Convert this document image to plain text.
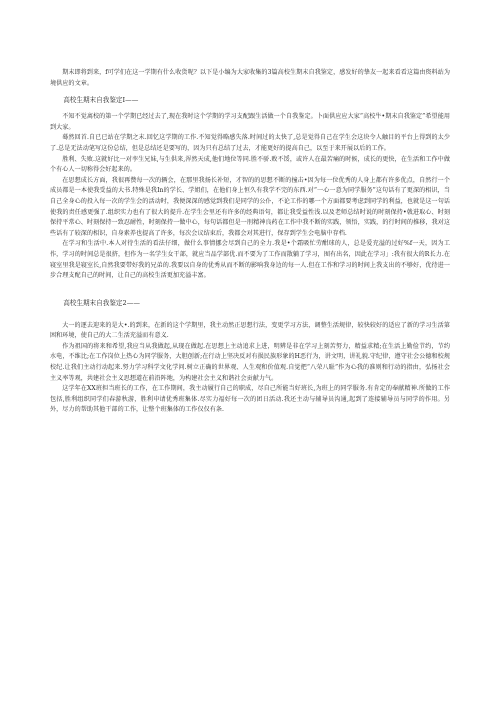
期末即将到来，f可学们在这一学期有什么收货呢？以下是小编为大家收集的3篇高校生期末自我鉴定，感发好的挚友一起来看看这篇由资料站为境供应的文章。

高校生期末自我鉴定I——

不知不觉离校的第一个学期已经过去了,现在我时这个学期的学习支配跟生活做一个自我鉴定。卜面供应应大家“高校牛•期末自我鉴定”希望能用到大家。

蓦然回首.自已已站在学期之末.回忆这学期的工作.不知觉得略感失落.时间过的太快了,总是觉得自己在学生会这块令人触目的平台上得到的太少了.总是无法动笔写这份总结，但是总结还是要写的，因为只有总结了过去，才能更好的提高自己，以至于来开展以后的工作。

胜利、失败.这就好比一对孪生兄妹,与生供来,浑然天成,他们地位等同.胜不骄.败不馁，或许人在最苦痛的时候，成长的更快，在生活和工作中做个有心人一切称得会好起来的。

在思想成长方面，我很再赞每一次的辆会，在那里我扬长补短，才智的的思想不断的撞击•因为每一位优秀的人身上都有许多优点，自然行一个成员都是一本使我受益的大书.特殊是我In的学长、学姐们，在他们身上恒久有我学不完的东西.对“一心一意为同学服务”这句话有了更深的相识，当自己全身心的投入每一次的学生会的活动时，我便深深的感觉到我们是同学的公仆，不论工作的哪一个方面都要考虑到同学的利益，也就是这一句话使我的责任感更强了.组织实力也有了很大的提升.在学生会里还有许多的经典语句，都让我受益性浅.以及老师总结时说的时刻保持•戟进取心、时刻保持平常心、时刻保持一致忍耐性，时刻保持一做中心，每句话都但是一刖精神良药在工作中我不断的实践，领悟，实践，的行时间的推移，我对这些话有了较深的相识，自身素养也提高了许多，每次会议结束后，我都会对其进行，保存到学生会电脑中存档.

在学习和生活中.本人对待生活的看法仔细，做什么事情挪会尽到自己的全力.我是•个霜吸忙劳酣球的人，总是爱充溢的过好%f一天，因为工作，学习的时间总是很挤，但作为一名学生女干部，就应当品学部优.而不要为了工作而散躺了学习，囿有出名，因此在学习」:我有很大的R长力.在寝室里我是寝室长,自然我要带好我的兄弟的.我要以自身的优秀从而不断的影响我身边的每一人.但在工作和学习的时间上我支出的不够好，优待进一步合理支配自己的时间，让自己的高校生活更加充溢丰富。

高校生期末自我鉴定2——

大一的逐去迎来的是大•.的到来，在新的这个学期里，我主动然正思想行法，变更学习方法，调整生活规律，较快较好的适应了新的学习生活第困和环境，使自己的大二生活充溢而有意义.

作为祖国的将来和希望,我应当从我做起,从现在做起.在思想上主动追求上进，明辨是非在学习上刻苦努力，精益求精;在生活上勤俭节约，节约水电，不维比;在工作岗位上热心为同学服务，大胆创新;在行动上坚决反对有损民族形象的H恶行为，讲文明，讲礼貌.守纪律，遵守社会公德和校规校纪.让我们主动行动起来.努力学习科学文化学问.树立正确的世界观、人生观和价值观.自觉把“八荣八耻”作为心我的准则和行动的指由，弘扬社会主义率等观，共建社会主义思想道在前沿阵地，为构建社会主义和谐社会贡献力气。

这学年在XX班担当班长的工作，在工作期间，我主动履行自己的职成，尽自己所能当好班长,为班上的同学服务.有肯定的奉献精神.所做的工作包括,胜利组织同学们春游秋游，胜利申请优秀班集体.尽实力福好每一次的团日活动.我还主动与辅导员沟通,起到了连接辅导员与同学的作用。另外，尽力的帮助其他干部的工作，让整个班集体的工作仅仅有条.
